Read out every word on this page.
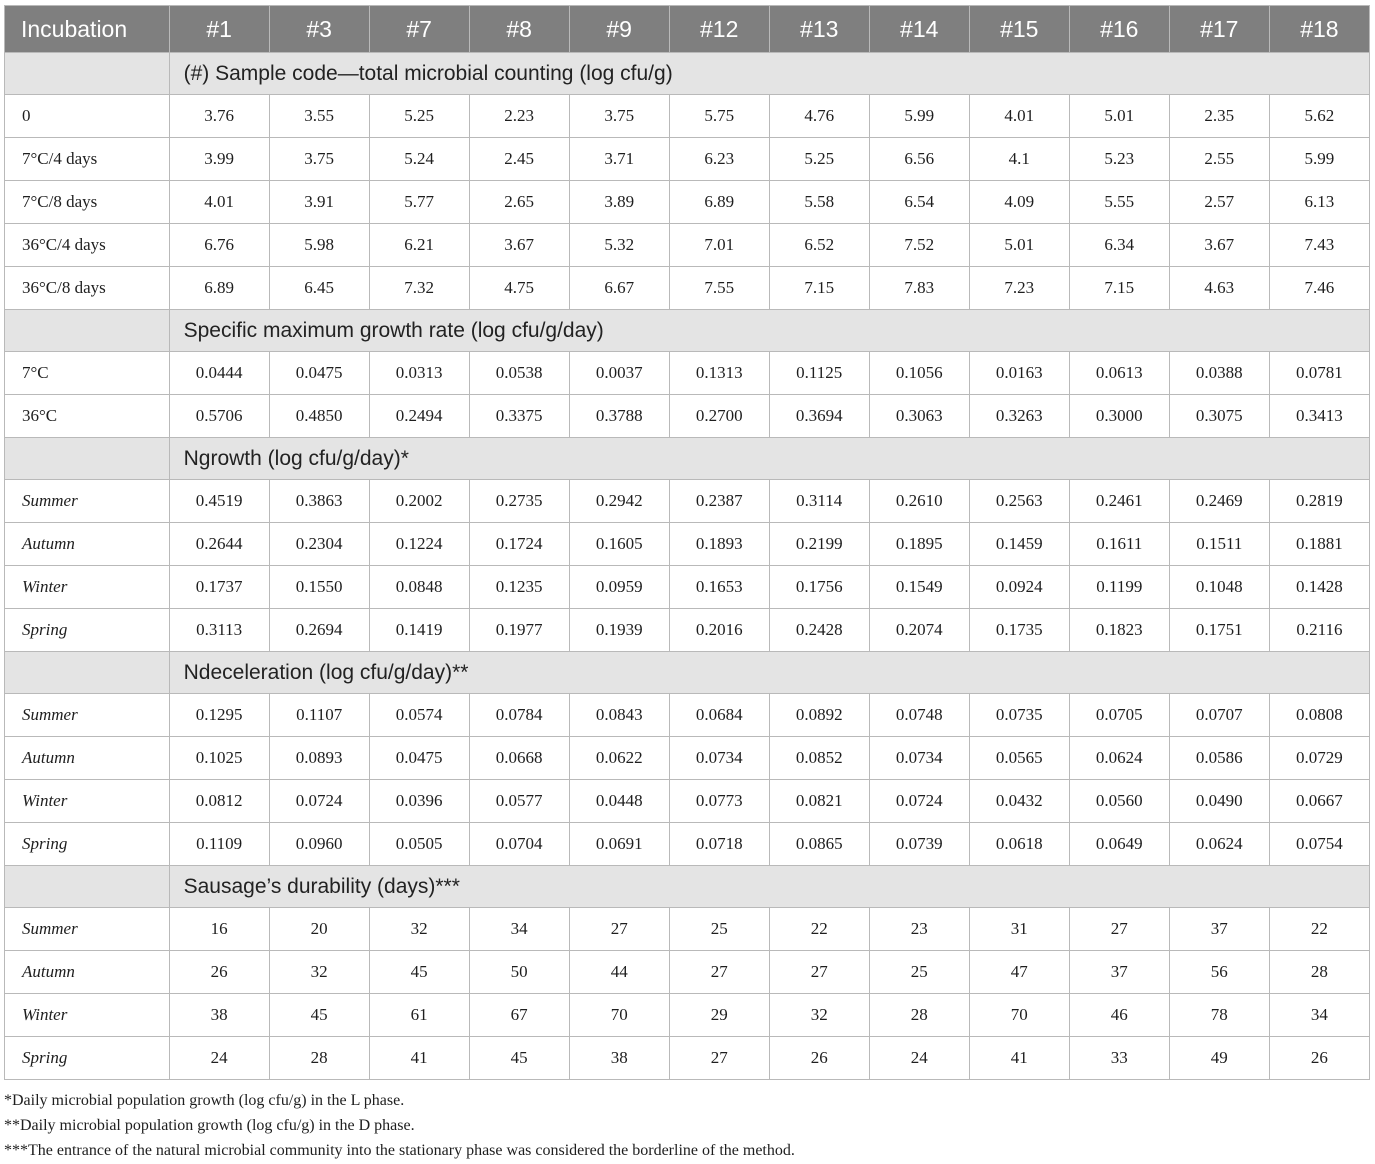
Incubation	#1	#3	#7	#8	#9	#12	#13	#14	#15	#16	#17	#18
	(#) Sample code—total microbial counting (log cfu/g)											
0	3.76	3.55	5.25	2.23	3.75	5.75	4.76	5.99	4.01	5.01	2.35	5.62
7°C/4 days	3.99	3.75	5.24	2.45	3.71	6.23	5.25	6.56	4.1	5.23	2.55	5.99
7°C/8 days	4.01	3.91	5.77	2.65	3.89	6.89	5.58	6.54	4.09	5.55	2.57	6.13
36°C/4 days	6.76	5.98	6.21	3.67	5.32	7.01	6.52	7.52	5.01	6.34	3.67	7.43
36°C/8 days	6.89	6.45	7.32	4.75	6.67	7.55	7.15	7.83	7.23	7.15	4.63	7.46
	Specific maximum growth rate (log cfu/g/day)											
7°C	0.0444	0.0475	0.0313	0.0538	0.0037	0.1313	0.1125	0.1056	0.0163	0.0613	0.0388	0.0781
36°C	0.5706	0.4850	0.2494	0.3375	0.3788	0.2700	0.3694	0.3063	0.3263	0.3000	0.3075	0.3413
	Ngrowth (log cfu/g/day)*											
Summer	0.4519	0.3863	0.2002	0.2735	0.2942	0.2387	0.3114	0.2610	0.2563	0.2461	0.2469	0.2819
Autumn	0.2644	0.2304	0.1224	0.1724	0.1605	0.1893	0.2199	0.1895	0.1459	0.1611	0.1511	0.1881
Winter	0.1737	0.1550	0.0848	0.1235	0.0959	0.1653	0.1756	0.1549	0.0924	0.1199	0.1048	0.1428
Spring	0.3113	0.2694	0.1419	0.1977	0.1939	0.2016	0.2428	0.2074	0.1735	0.1823	0.1751	0.2116
	Ndeceleration (log cfu/g/day)**											
Summer	0.1295	0.1107	0.0574	0.0784	0.0843	0.0684	0.0892	0.0748	0.0735	0.0705	0.0707	0.0808
Autumn	0.1025	0.0893	0.0475	0.0668	0.0622	0.0734	0.0852	0.0734	0.0565	0.0624	0.0586	0.0729
Winter	0.0812	0.0724	0.0396	0.0577	0.0448	0.0773	0.0821	0.0724	0.0432	0.0560	0.0490	0.0667
Spring	0.1109	0.0960	0.0505	0.0704	0.0691	0.0718	0.0865	0.0739	0.0618	0.0649	0.0624	0.0754
	Sausage’s durability (days)***											
Summer	16	20	32	34	27	25	22	23	31	27	37	22
Autumn	26	32	45	50	44	27	27	25	47	37	56	28
Winter	38	45	61	67	70	29	32	28	70	46	78	34
Spring	24	28	41	45	38	27	26	24	41	33	49	26
*Daily microbial population growth (log cfu/g) in the L phase.
**Daily microbial population growth (log cfu/g) in the D phase.
***The entrance of the natural microbial community into the stationary phase was considered the borderline of the method.
